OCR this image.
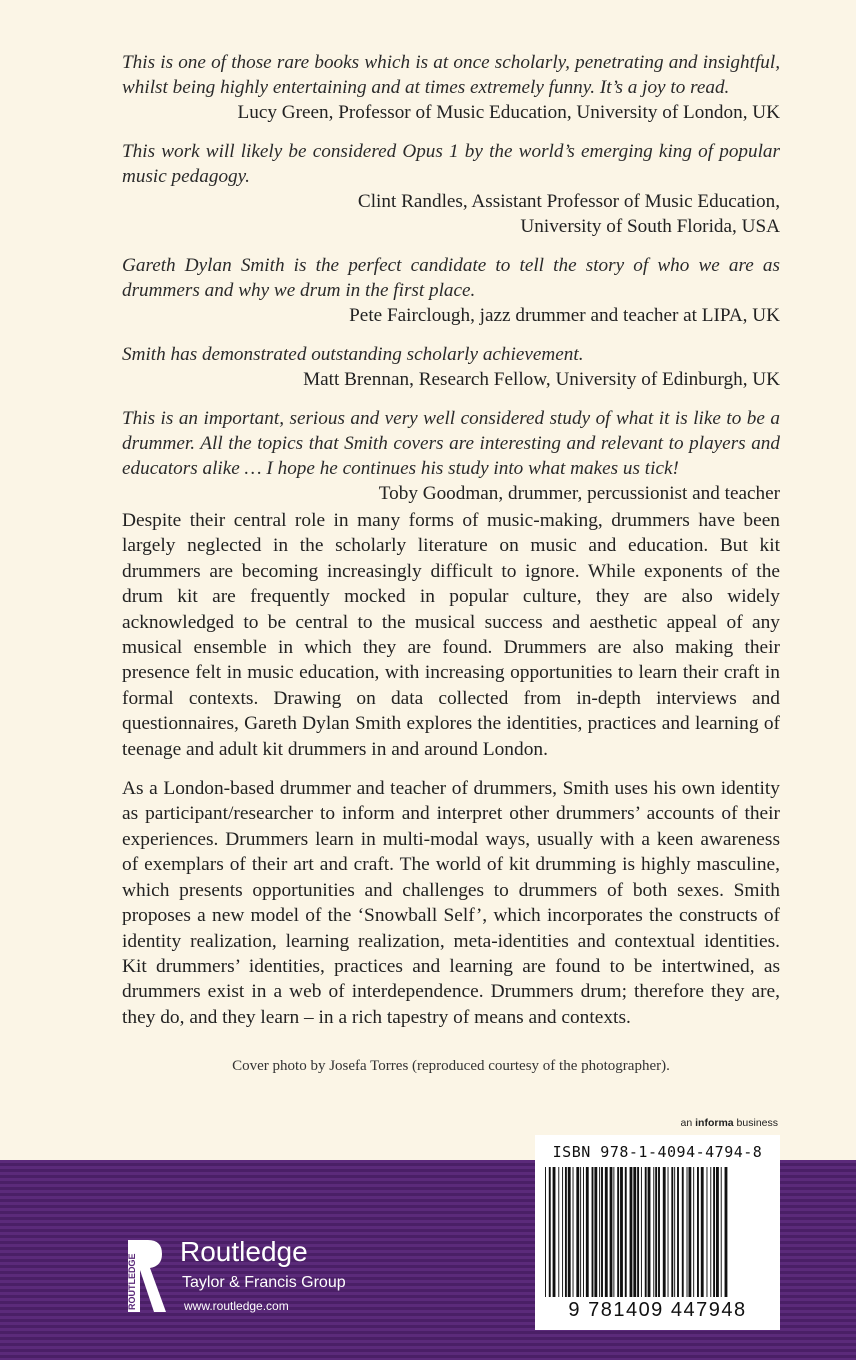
This is one of those rare books which is at once scholarly, penetrating and insightful, whilst being highly entertaining and at times extremely funny. It’s a joy to read.
Lucy Green, Professor of Music Education, University of London, UK
This work will likely be considered Opus 1 by the world’s emerging king of popular music pedagogy.
Clint Randles, Assistant Professor of Music Education,
University of South Florida, USA
Gareth Dylan Smith is the perfect candidate to tell the story of who we are as drummers and why we drum in the first place.
Pete Fairclough, jazz drummer and teacher at LIPA, UK
Smith has demonstrated outstanding scholarly achievement.
Matt Brennan, Research Fellow, University of Edinburgh, UK
This is an important, serious and very well considered study of what it is like to be a drummer. All the topics that Smith covers are interesting and relevant to players and educators alike … I hope he continues his study into what makes us tick!
Toby Goodman, drummer, percussionist and teacher

Despite their central role in many forms of music-making, drummers have been largely neglected in the scholarly literature on music and education. But kit drummers are becoming increasingly difficult to ignore. While exponents of the drum kit are frequently mocked in popular culture, they are also widely acknowledged to be central to the musical success and aesthetic appeal of any musical ensemble in which they are found. Drummers are also making their presence felt in music education, with increasing opportunities to learn their craft in formal contexts. Drawing on data collected from in-depth interviews and questionnaires, Gareth Dylan Smith explores the identities, practices and learning of teenage and adult kit drummers in and around London.

As a London-based drummer and teacher of drummers, Smith uses his own identity as participant/researcher to inform and interpret other drummers’ accounts of their experiences. Drummers learn in multi-modal ways, usually with a keen awareness of exemplars of their art and craft. The world of kit drumming is highly masculine, which presents opportunities and challenges to drummers of both sexes. Smith proposes a new model of the ‘Snowball Self’, which incorporates the constructs of identity realization, learning realization, meta-identities and contextual identities. Kit drummers’ identities, practices and learning are found to be intertwined, as drummers exist in a web of interdependence. Drummers drum; therefore they are, they do, and they learn – in a rich tapestry of means and contexts.

Cover photo by Josefa Torres (reproduced courtesy of the photographer).
an informa business
ISBN 978-1-4094-4794-8
9 781409 447948
ROUTLEDGE
Routledge
Taylor & Francis Group
www.routledge.com
